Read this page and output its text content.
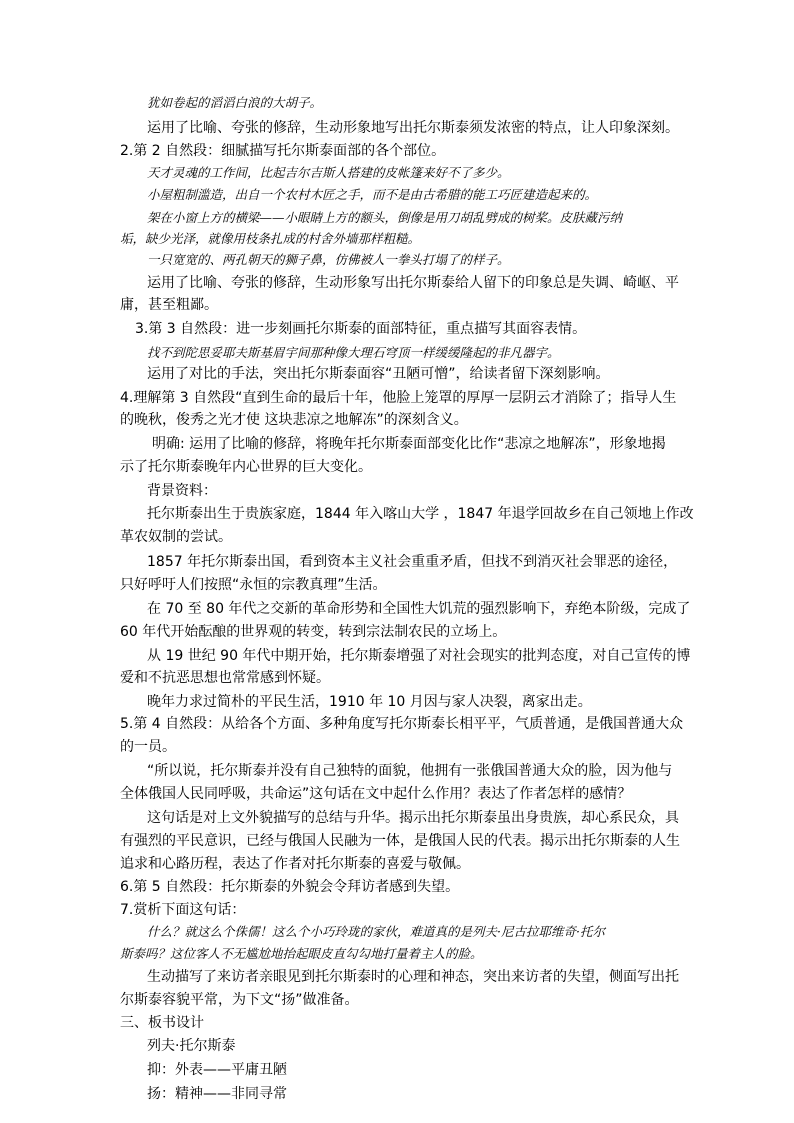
犹如卷起的滔滔白浪的大胡子。
运用了比喻、夸张的修辞，生动形象地写出托尔斯泰须发浓密的特点，让人印象深刻。
2.第 2 自然段：细腻描写托尔斯泰面部的各个部位。
天才灵魂的工作间，比起吉尔吉斯人搭建的皮帐篷来好不了多少。
小屋粗制滥造，出自一个农村木匠之手，而不是由古希腊的能工巧匠建造起来的。
架在小窗上方的横梁——小眼睛上方的额头，倒像是用刀胡乱劈成的树桨。皮肤藏污纳
垢，缺少光泽，就像用枝条扎成的村舍外墙那样粗糙。
一只宽宽的、两孔朝天的狮子鼻，仿佛被人一拳头打塌了的样子。
运用了比喻、夸张的修辞，生动形象写出托尔斯泰给人留下的印象总是失调、崎岖、平
庸，甚至粗鄙。
3.第 3 自然段：进一步刻画托尔斯泰的面部特征，重点描写其面容表情。
找不到陀思妥耶夫斯基眉宇间那种像大理石穹顶一样缓缓隆起的非凡器宇。
运用了对比的手法，突出托尔斯泰面容“丑陋可憎”，给读者留下深刻影响。
4.理解第 3 自然段“直到生命的最后十年，他脸上笼罩的厚厚一层阴云才消除了；指导人生
的晚秋，俊秀之光才使 这块悲凉之地解冻”的深刻含义。
明确: 运用了比喻的修辞，将晚年托尔斯泰面部变化比作“悲凉之地解冻”，形象地揭
示了托尔斯泰晚年内心世界的巨大变化。
背景资料：
托尔斯泰出生于贵族家庭，1844 年入喀山大学 ，1847 年退学回故乡在自己领地上作改
革农奴制的尝试。
1857 年托尔斯泰出国，看到资本主义社会重重矛盾，但找不到消灭社会罪恶的途径，
只好呼吁人们按照“永恒的宗教真理”生活。
在 70 至 80 年代之交新的革命形势和全国性大饥荒的强烈影响下，弃绝本阶级，完成了
60 年代开始酝酿的世界观的转变，转到宗法制农民的立场上。
从 19 世纪 90 年代中期开始，托尔斯泰增强了对社会现实的批判态度，对自己宣传的博
爱和不抗恶思想也常常感到怀疑。
晚年力求过简朴的平民生活，1910 年 10 月因与家人决裂，离家出走。
5.第 4 自然段：从给各个方面、多种角度写托尔斯泰长相平平，气质普通，是俄国普通大众
的一员。
“所以说，托尔斯泰并没有自己独特的面貌，他拥有一张俄国普通大众的脸，因为他与
全体俄国人民同呼吸，共命运”这句话在文中起什么作用？表达了作者怎样的感情？
这句话是对上文外貌描写的总结与升华。揭示出托尔斯泰虽出身贵族，却心系民众，具
有强烈的平民意识，已经与俄国人民融为一体，是俄国人民的代表。揭示出托尔斯泰的人生
追求和心路历程，表达了作者对托尔斯泰的喜爱与敬佩。
6.第 5 自然段：托尔斯泰的外貌会令拜访者感到失望。
7.赏析下面这句话：
什么？就这么个侏儒！这么个小巧玲珑的家伙，难道真的是列夫·尼古拉耶维奇·托尔
斯泰吗？这位客人不无尴尬地抬起眼皮直勾勾地打量着主人的脸。
生动描写了来访者亲眼见到托尔斯泰时的心理和神态，突出来访者的失望，侧面写出托
尔斯泰容貌平常，为下文“扬”做准备。
三、板书设计
列夫·托尔斯泰
抑：外表——平庸丑陋
扬：精神——非同寻常
